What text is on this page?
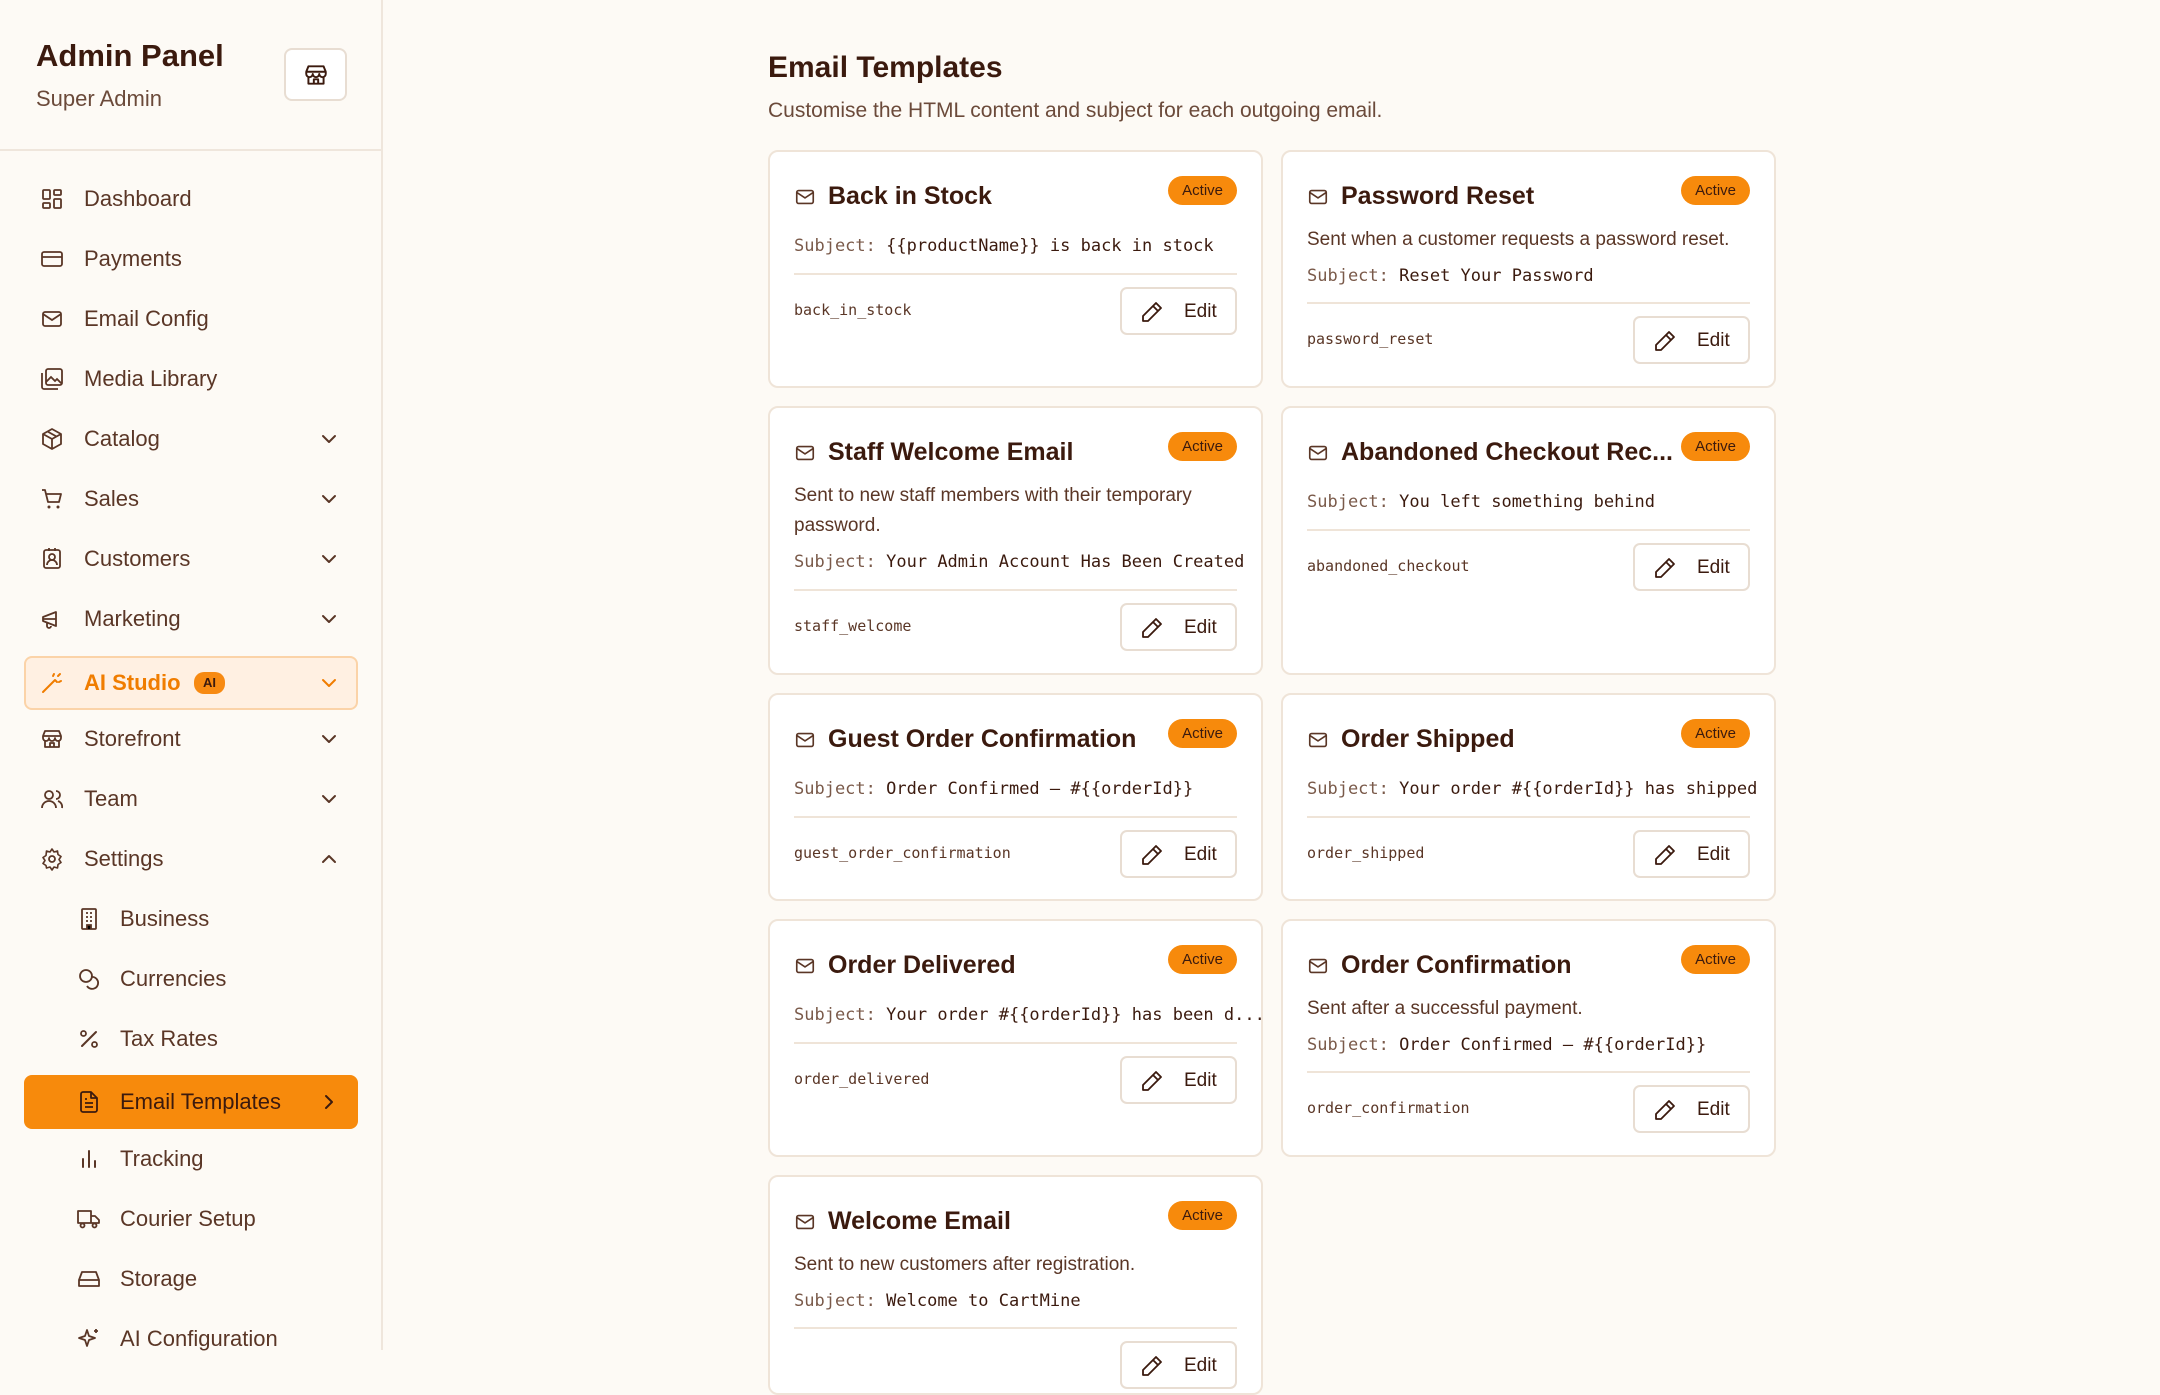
Admin Panel
Super Admin
Dashboard
Payments
Email Config
Media Library
Catalog
Sales
Customers
Marketing
AI Studio	AI
Storefront
Team
Settings
Business
Currencies
Tax Rates
Email Templates
Tracking
Courier Setup
Storage
AI Configuration
Email Templates

Customise the HTML content and subject for each outgoing email.

Back in Stock	Active
Subject: {{productName}} is back in stock
back_in_stock	Edit
Password Reset	Active
Sent when a customer requests a password reset.
Subject: Reset Your Password
password_reset	Edit
Staff Welcome Email	Active
Sent to new staff members with their temporary password.
Subject: Your Admin Account Has Been Created
staff_welcome	Edit
Abandoned Checkout Rec...	Active
Subject: You left something behind
abandoned_checkout	Edit
Guest Order Confirmation	Active
Subject: Order Confirmed — #{{orderId}}
guest_order_confirmation	Edit
Order Shipped	Active
Subject: Your order #{{orderId}} has shipped
order_shipped	Edit
Order Delivered	Active
Subject: Your order #{{orderId}} has been d...
order_delivered	Edit
Order Confirmation	Active
Sent after a successful payment.
Subject: Order Confirmed — #{{orderId}}
order_confirmation	Edit
Welcome Email	Active
Sent to new customers after registration.
Subject: Welcome to CartMine
Edit
